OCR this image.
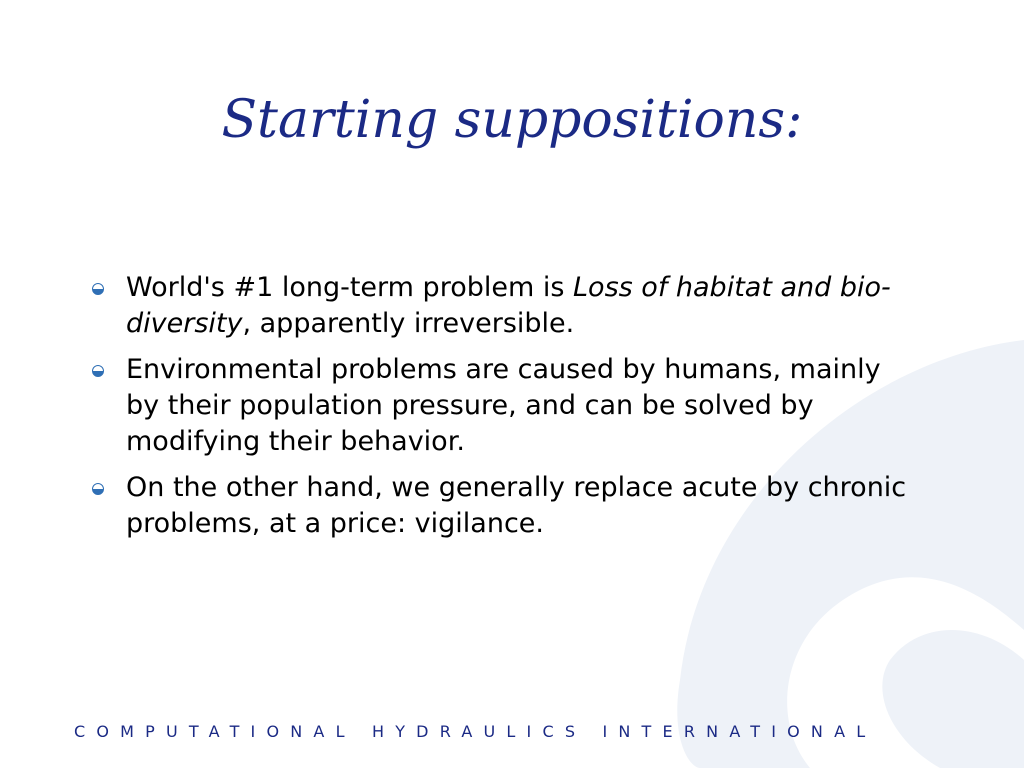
Starting suppositions:
World's #1 long-term problem is Loss of habitat and bio-diversity, apparently irreversible.
Environmental problems are caused by humans, mainly by their population pressure, and can be solved by modifying their behavior.
On the other hand, we generally replace acute by chronic problems, at a price: vigilance.
COMPUTATIONAL HYDRAULICS INTERNATIONAL
